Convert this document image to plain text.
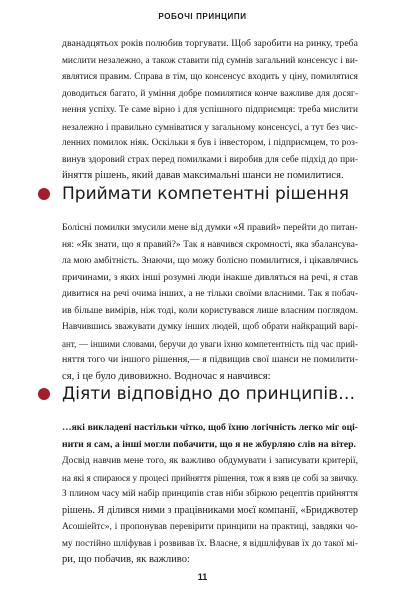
РОБОЧІ ПРИНЦИПИ
дванадцятьох років полюбив торгувати. Щоб заробити на ринку, треба
мислити незалежно, а також ставити під сумнів загальний консенсус і ви-
являтися правим. Справа в тім, що консенсус входить у ціну, помилятися
доводиться багато, й уміння добре помилятися конче важливе для досяг-
нення успіху. Те саме вірно і для успішного підприємця: треба мислити
незалежно і правильно сумніватися у загальному консенсусі, а тут без чис-
ленних помилок ніяк. Оскільки я був і інвестором, і підприємцем, то роз-
винув здоровий страх перед помилками і виробив для себе підхід до при-
йняття рішень, який давав максимальні шанси не помилитися.
Приймати компетентні рішення
Болісні помилки змусили мене від думки «Я правий» перейти до питан-
ня: «Як знати, що я правий?» Так я навчився скромності, яка збалансува-
ла мою амбітність. Знаючи, що можу болісно помилитися, і цікавлячись
причинами, з яких інші розумні люди інакше дивляться на речі, я став
дивитися на речі очима інших, а не тільки своїми власними. Так я побач-
ив більше вимірів, ніж тоді, коли користувався лише власним поглядом.
Навчившись зважувати думку інших людей, щоб обрати найкращий варі-
ант, — іншими словами, беручи до уваги їхню компетентність під час прий-
няття того чи іншого рішення,— я підвищив свої шанси не помилити-
ся, і це було дивовижно. Водночас я навчився:
Діяти відповідно до принципів…
…які викладені настільки чітко, щоб їхню логічність легко міг оці-
нити я сам, а інші могли побачити, що я не жбурляю слів на вітер.
Досвід навчив мене того, як важливо обдумувати і записувати критерії,
на які я спираюся у процесі прийняття рішення, тож я взяв це собі за звичку.
З плином часу мій набір принципів став ніби збіркою рецептів прийняття
рішень. Я ділився ними з працівниками моєї компанії, «Бриджвотер
Асошіейтс», і пропонував перевірити принципи на практиці, завдяки чо-
му постійно шліфував і розвивав їх. Власне, я відшліфував їх до такої мі-
ри, що побачив, як важливо:
11
